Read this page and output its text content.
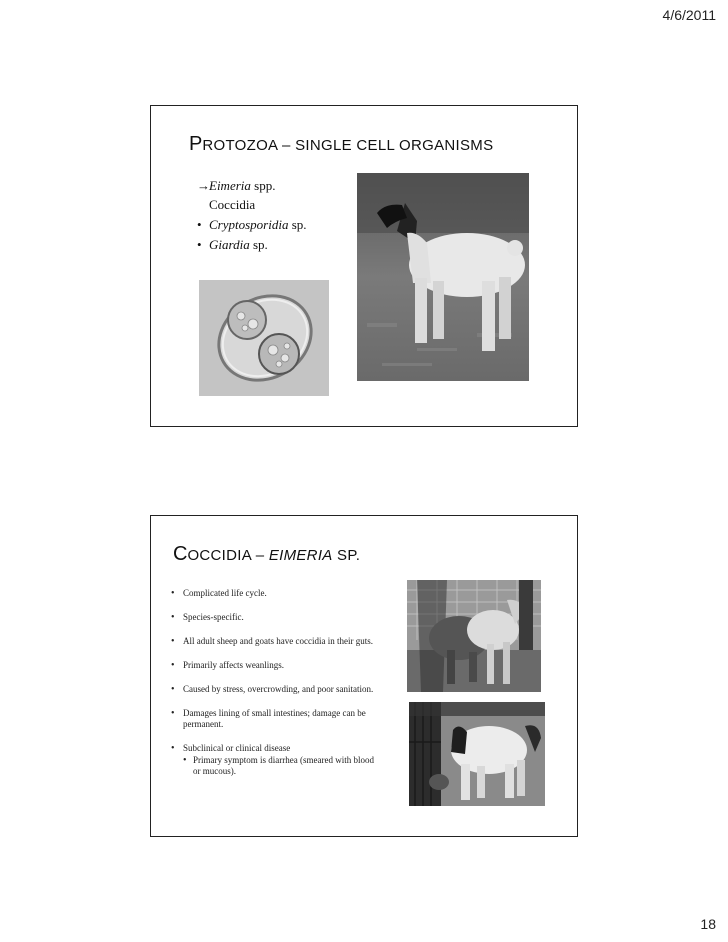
4/6/2011
PROTOZOA – SINGLE CELL ORGANISMS
→ Eimeria spp.
Coccidia
• Cryptosporidia sp.
• Giardia sp.
COCCIDIA – EIMERIA SP.
• Complicated life cycle.
• Species-specific.
• All adult sheep and goats have coccidia in their guts.
• Primarily affects weanlings.
• Caused by stress, overcrowding, and poor sanitation.
• Damages lining of small intestines; damage can be permanent.
• Subclinical or clinical disease
• Primary symptom is diarrhea (smeared with blood or mucous).
18
